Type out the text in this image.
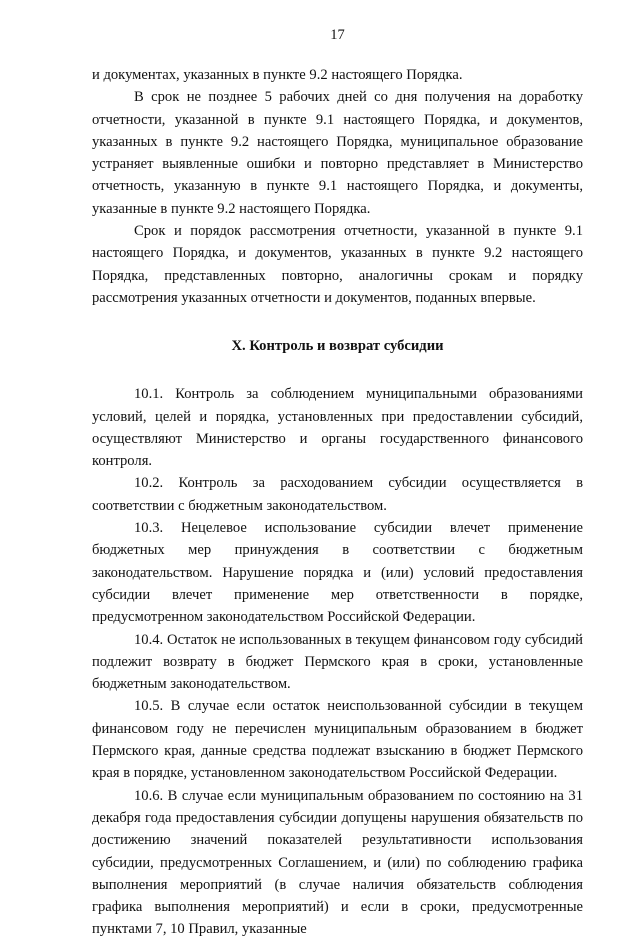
17

и документах, указанных в пункте 9.2 настоящего Порядка.

В срок не позднее 5 рабочих дней со дня получения на доработку отчетности, указанной в пункте 9.1 настоящего Порядка, и документов, указанных в пункте 9.2 настоящего Порядка, муниципальное образование устраняет выявленные ошибки и повторно представляет в Министерство отчетность, указанную в пункте 9.1 настоящего Порядка, и документы, указанные в пункте 9.2 настоящего Порядка.

Срок и порядок рассмотрения отчетности, указанной в пункте 9.1 настоящего Порядка, и документов, указанных в пункте 9.2 настоящего Порядка, представленных повторно, аналогичны срокам и порядку рассмотрения указанных отчетности и документов, поданных впервые.

X. Контроль и возврат субсидии

10.1. Контроль за соблюдением муниципальными образованиями условий, целей и порядка, установленных при предоставлении субсидий, осуществляют Министерство и органы государственного финансового контроля.

10.2. Контроль за расходованием субсидии осуществляется в соответствии с бюджетным законодательством.

10.3. Нецелевое использование субсидии влечет применение бюджетных мер принуждения в соответствии с бюджетным законодательством. Нарушение порядка и (или) условий предоставления субсидии влечет применение мер ответственности в порядке, предусмотренном законодательством Российской Федерации.

10.4. Остаток не использованных в текущем финансовом году субсидий подлежит возврату в бюджет Пермского края в сроки, установленные бюджетным законодательством.

10.5. В случае если остаток неиспользованной субсидии в текущем финансовом году не перечислен муниципальным образованием в бюджет Пермского края, данные средства подлежат взысканию в бюджет Пермского края в порядке, установленном законодательством Российской Федерации.

10.6. В случае если муниципальным образованием по состоянию на 31 декабря года предоставления субсидии допущены нарушения обязательств по достижению значений показателей результативности использования субсидии, предусмотренных Соглашением, и (или) по соблюдению графика выполнения мероприятий (в случае наличия обязательств соблюдения графика выполнения мероприятий) и если в сроки, предусмотренные пунктами 7, 10 Правил, указанные
